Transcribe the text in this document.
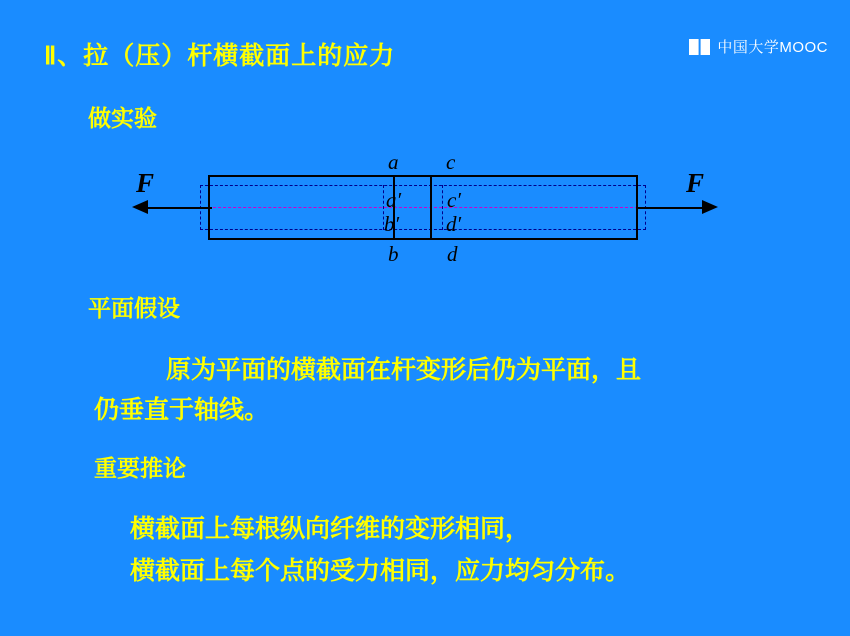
中国大学MOOC
Ⅱ、拉（压）杆横截面上的应力
做实验
F	F
a c
b d
a′
b′
c′
d′
平面假设
原为平面的横截面在杆变形后仍为平面，且
仍垂直于轴线。
重要推论
横截面上每根纵向纤维的变形相同，
横截面上每个点的受力相同，应力均匀分布。
